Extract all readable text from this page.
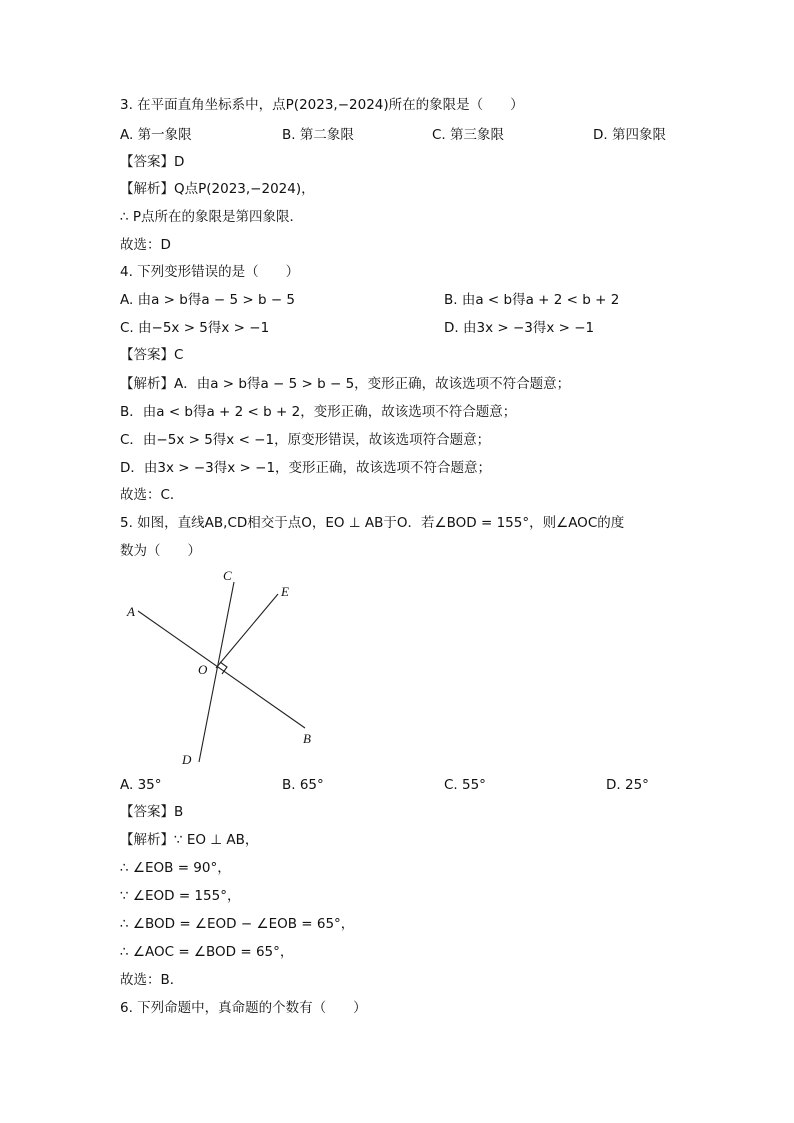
3. 在平面直角坐标系中，点P(2023,−2024)所在的象限是（　　）
A. 第一象限	B. 第二象限	C. 第三象限	D. 第四象限
【答案】D
【解析】Q点P(2023,−2024)，
∴ P点所在的象限是第四象限．
故选：D
4. 下列变形错误的是（　　）
A. 由a > b得a − 5 > b − 5	B. 由a < b得a + 2 < b + 2
C. 由−5x > 5得x > −1	D. 由3x > −3得x > −1
【答案】C
【解析】A．由a > b得a − 5 > b − 5，变形正确，故该选项不符合题意；
B．由a < b得a + 2 < b + 2，变形正确，故该选项不符合题意；
C．由−5x > 5得x < −1，原变形错误，故该选项符合题意；
D．由3x > −3得x > −1，变形正确，故该选项不符合题意；
故选：C．
5. 如图，直线AB,CD相交于点O，EO ⊥ AB于O．若∠BOD = 155°，则∠AOC的度
数为（　　）
A
B
C
D
E
O
A. 35°	B. 65°	C. 55°	D. 25°
【答案】B
【解析】∵ EO ⊥ AB，
∴ ∠EOB = 90°，
∵ ∠EOD = 155°，
∴ ∠BOD = ∠EOD − ∠EOB = 65°，
∴ ∠AOC = ∠BOD = 65°，
故选：B．
6. 下列命题中，真命题的个数有（　　）
